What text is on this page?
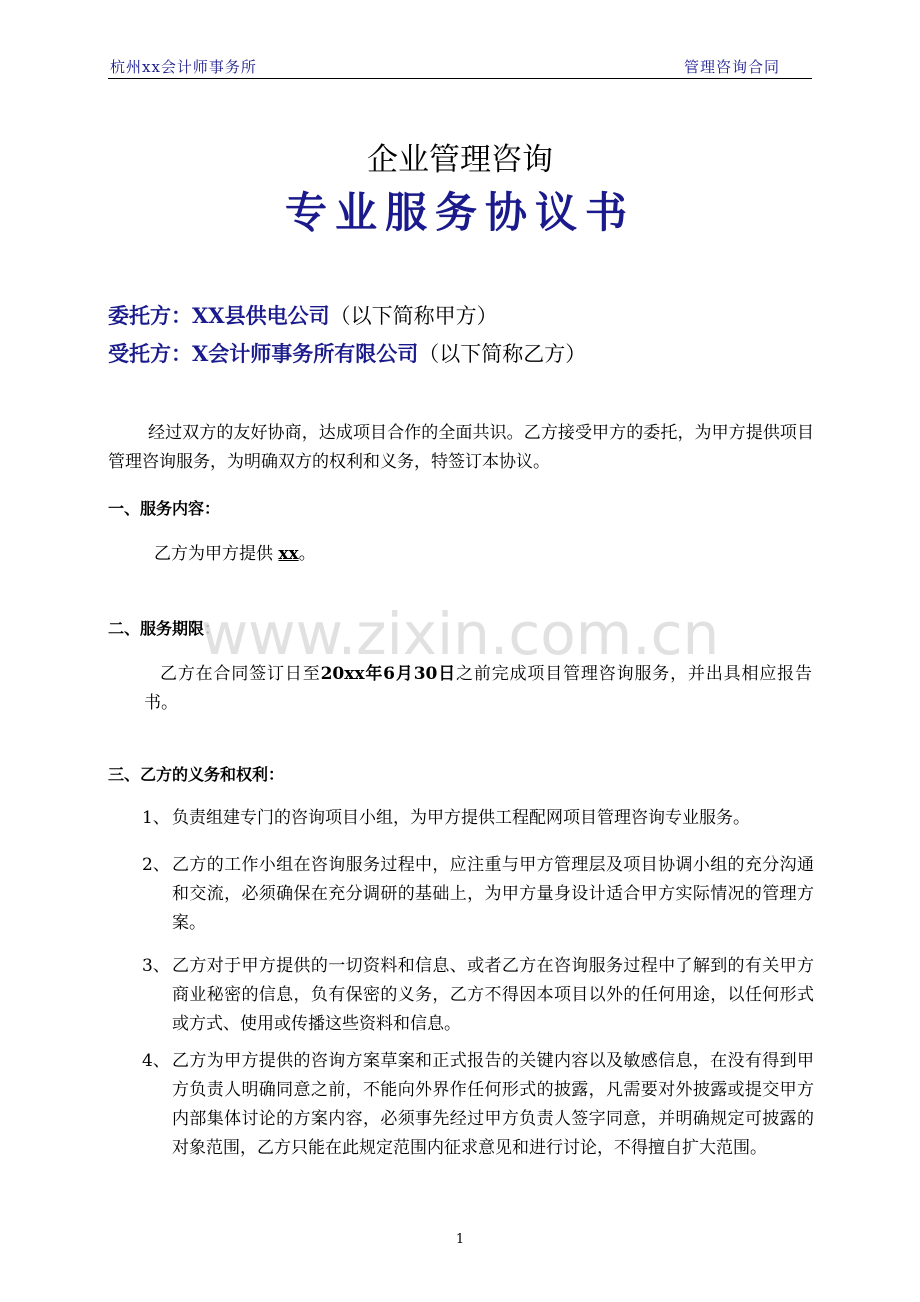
杭州xx会计师事务所	管理咨询合同
企业管理咨询
专业服务协议书
委托方：XX县供电公司（以下简称甲方）
受托方：X会计师事务所有限公司（以下简称乙方）
经过双方的友好协商，达成项目合作的全面共识。乙方接受甲方的委托，为甲方提供项目管理咨询服务，为明确双方的权利和义务，特签订本协议。
一、服务内容：
乙方为甲方提供 xx。
二、服务期限：
乙方在合同签订日至20xx年6月30日之前完成项目管理咨询服务，并出具相应报告书。
三、乙方的义务和权利：
1、 负责组建专门的咨询项目小组，为甲方提供工程配网项目管理咨询专业服务。
2、 乙方的工作小组在咨询服务过程中，应注重与甲方管理层及项目协调小组的充分沟通和交流，必须确保在充分调研的基础上，为甲方量身设计适合甲方实际情况的管理方案。
3、 乙方对于甲方提供的一切资料和信息、或者乙方在咨询服务过程中了解到的有关甲方商业秘密的信息，负有保密的义务，乙方不得因本项目以外的任何用途，以任何形式或方式、使用或传播这些资料和信息。
4、 乙方为甲方提供的咨询方案草案和正式报告的关键内容以及敏感信息，在没有得到甲方负责人明确同意之前，不能向外界作任何形式的披露，凡需要对外披露或提交甲方内部集体讨论的方案内容，必须事先经过甲方负责人签字同意，并明确规定可披露的对象范围，乙方只能在此规定范围内征求意见和进行讨论，不得擅自扩大范围。
www.zixin.com.cn
1
